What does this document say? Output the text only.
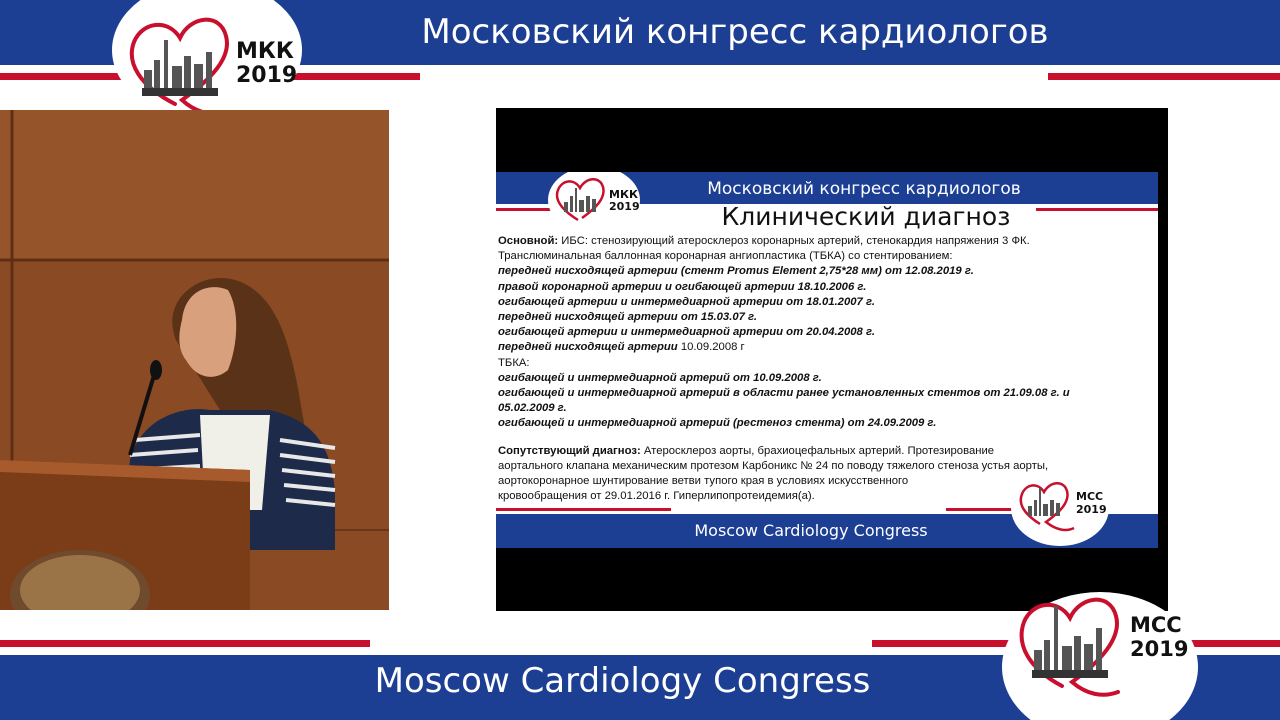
Московский конгресс кардиологов
МКК
2019
Московский конгресс кардиологов
МКК
2019	Клинический диагноз
Основной: ИБС: стенозирующий атеросклероз коронарных артерий, стенокардия напряжения 3 ФК.
Транслюминальная баллонная коронарная ангиопластика (ТБКА) со стентированием:
передней нисходящей артерии (стент Promus Element 2,75*28 мм) от 12.08.2019 г.
правой коронарной артерии и огибающей артерии 18.10.2006 г.
огибающей артерии и интермедиарной артерии от 18.01.2007 г.
передней нисходящей артерии от 15.03.07 г.
огибающей артерии и интермедиарной артерии от 20.04.2008 г.
передней нисходящей артерии 10.09.2008 г
ТБКА:
огибающей и интермедиарной артерий от 10.09.2008 г.
огибающей и интермедиарной артерий в области ранее установленных стентов от 21.09.08 г. и
05.02.2009 г.
огибающей и интермедиарной артерий (рестеноз стента) от 24.09.2009 г.
Сопутствующий диагноз: Атеросклероз аорты, брахиоцефальных артерий. Протезирование
аортального клапана механическим протезом Карбоникс № 24 по поводу тяжелого стеноза устья аорты,
аортокоронарное шунтирование ветви тупого края в условиях искусственного
кровообращения от 29.01.2016 г. Гиперлипопротеидемия(а).
Moscow Cardiology Congress
MCC
2019
Moscow Cardiology Congress
MCC
2019
